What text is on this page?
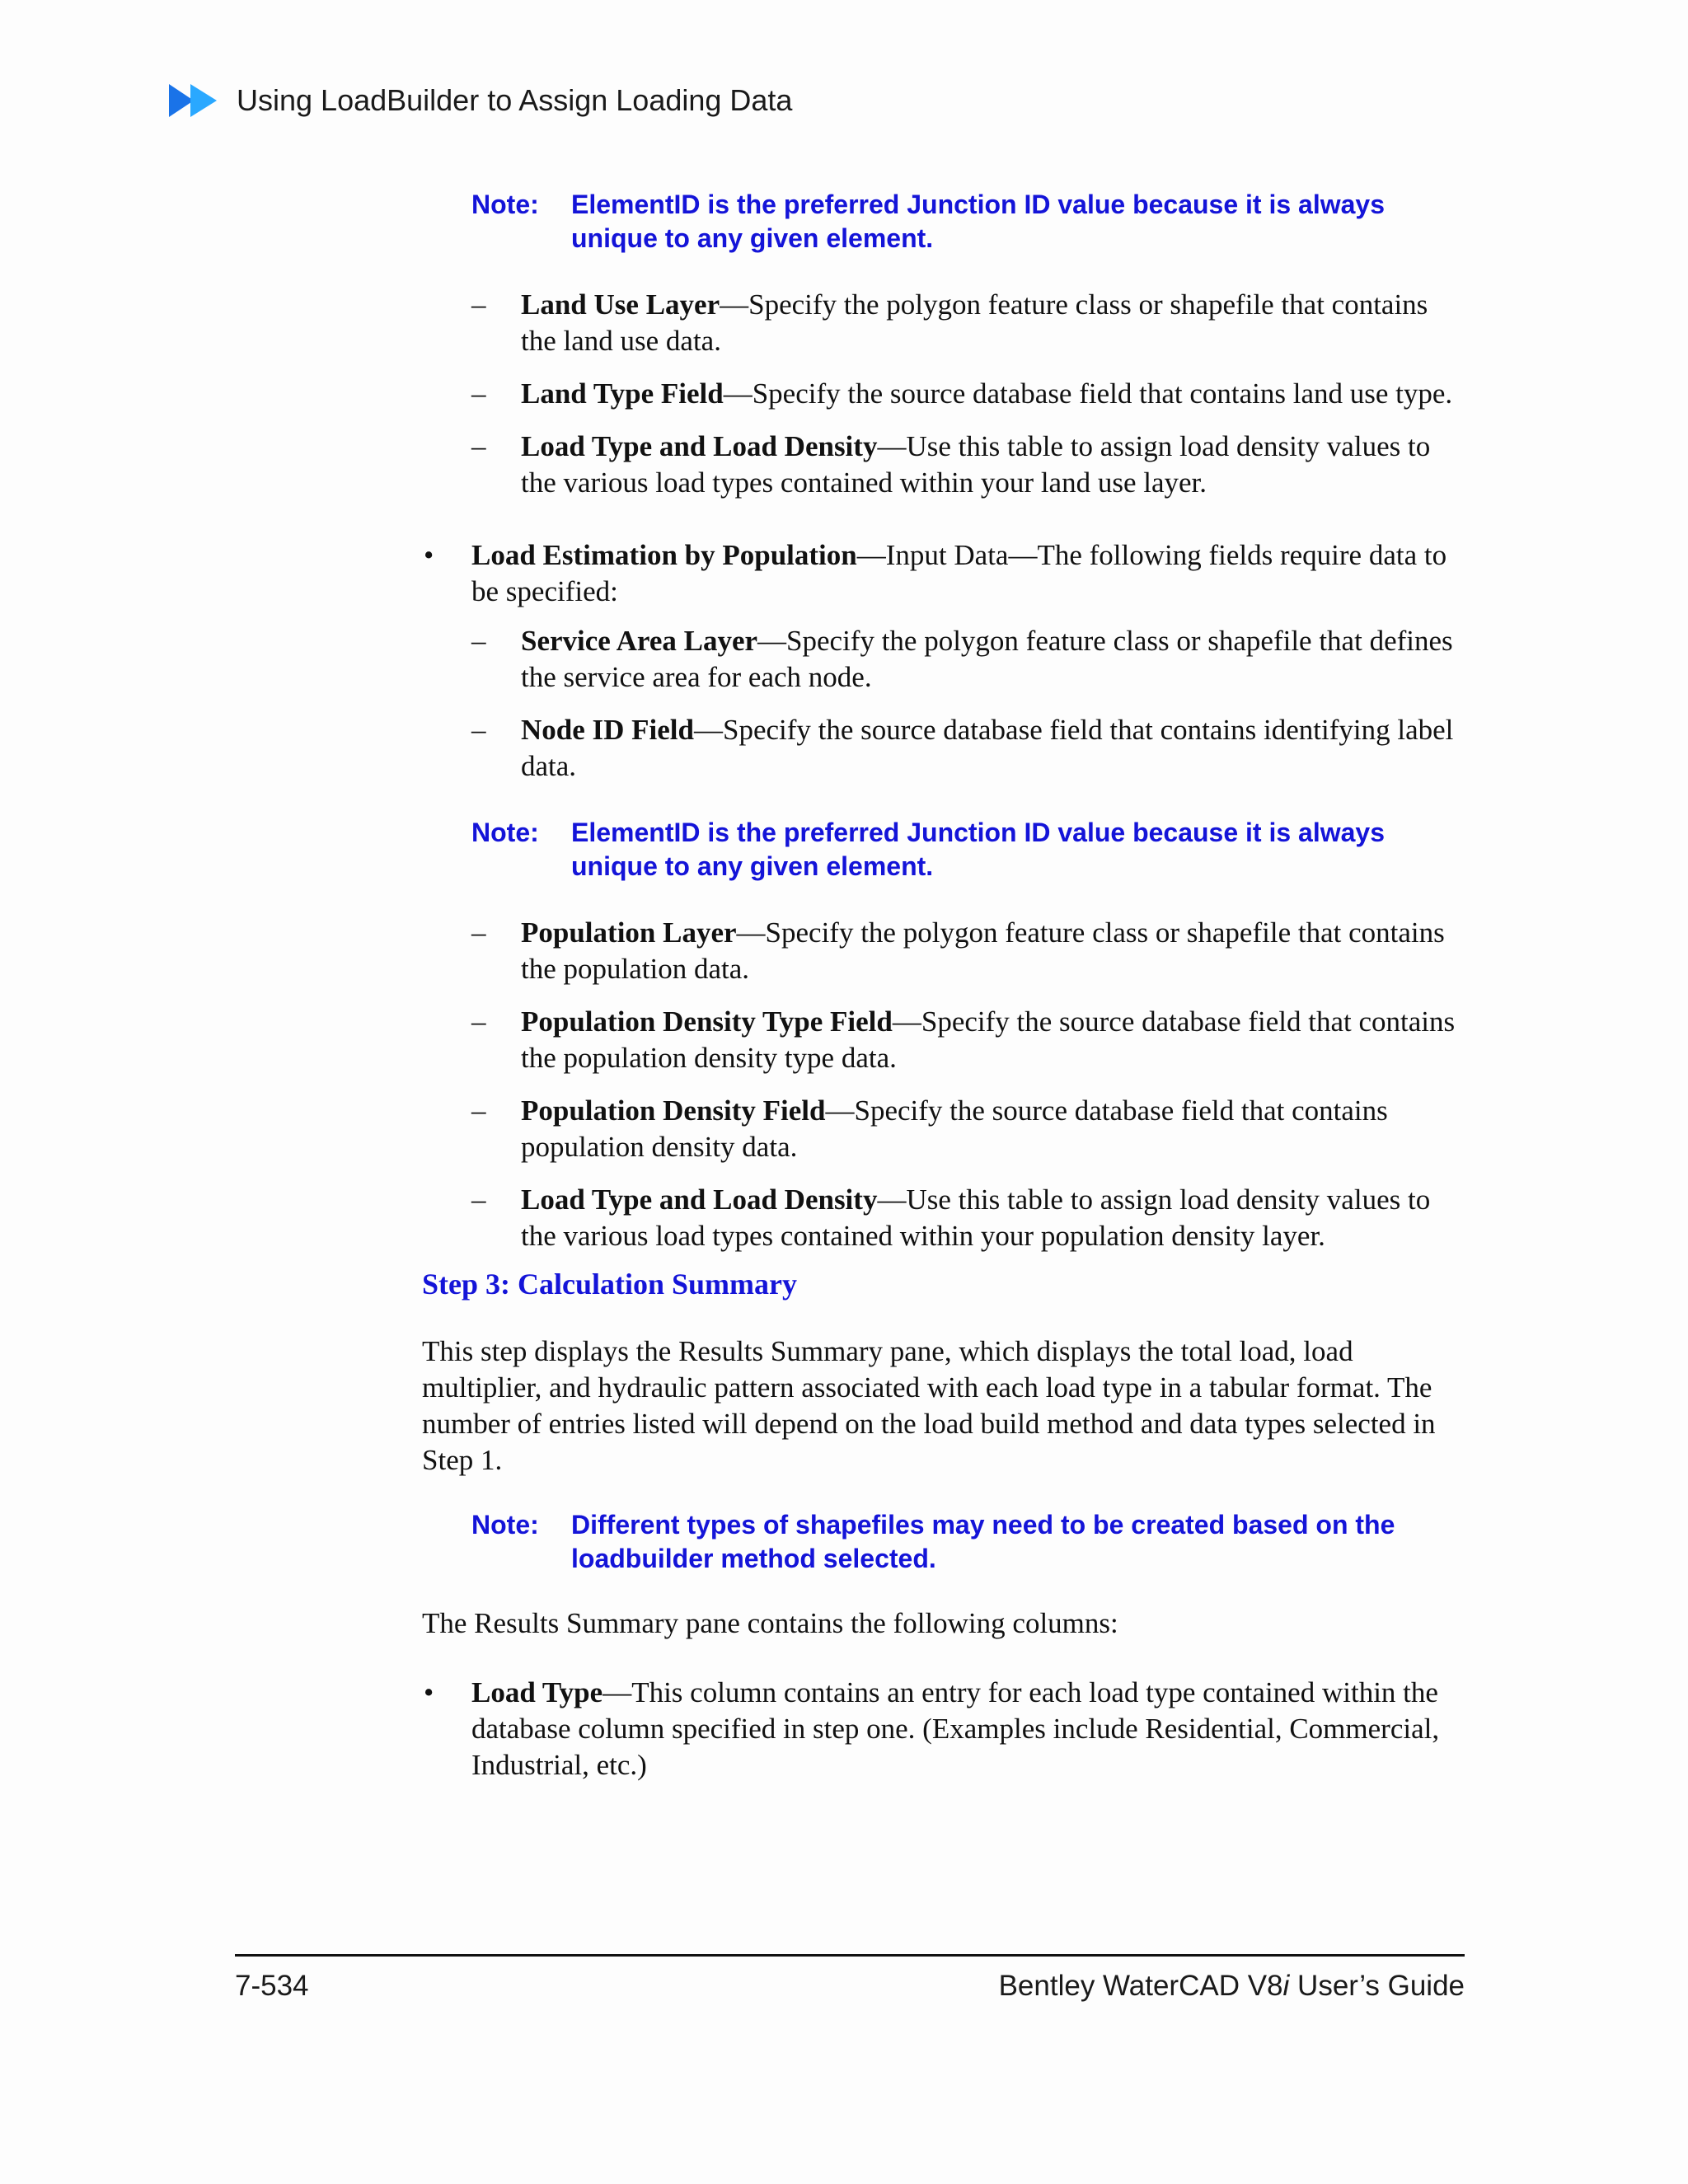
Using LoadBuilder to Assign Loading Data
Note:	ElementID is the preferred Junction ID value because it is always unique to any given element.
–	Land Use Layer—Specify the polygon feature class or shapefile that contains the land use data.
–	Land Type Field—Specify the source database field that contains land use type.
–	Load Type and Load Density—Use this table to assign load density values to the various load types contained within your land use layer.
•	Load Estimation by Population—Input Data—The following fields require data to be specified:
–	Service Area Layer—Specify the polygon feature class or shapefile that defines the service area for each node.
–	Node ID Field—Specify the source database field that contains identifying label data.
Note:	ElementID is the preferred Junction ID value because it is always unique to any given element.
–	Population Layer—Specify the polygon feature class or shapefile that contains the population data.
–	Population Density Type Field—Specify the source database field that contains the population density type data.
–	Population Density Field—Specify the source database field that contains population density data.
–	Load Type and Load Density—Use this table to assign load density values to the various load types contained within your population density layer.
Step 3: Calculation Summary
This step displays the Results Summary pane, which displays the total load, load multiplier, and hydraulic pattern associated with each load type in a tabular format. The number of entries listed will depend on the load build method and data types selected in Step 1.
Note:	Different types of shapefiles may need to be created based on the loadbuilder method selected.
The Results Summary pane contains the following columns:
•	Load Type—This column contains an entry for each load type contained within the database column specified in step one. (Examples include Residential, Commercial, Industrial, etc.)
7-534	Bentley WaterCAD V8i User’s Guide
